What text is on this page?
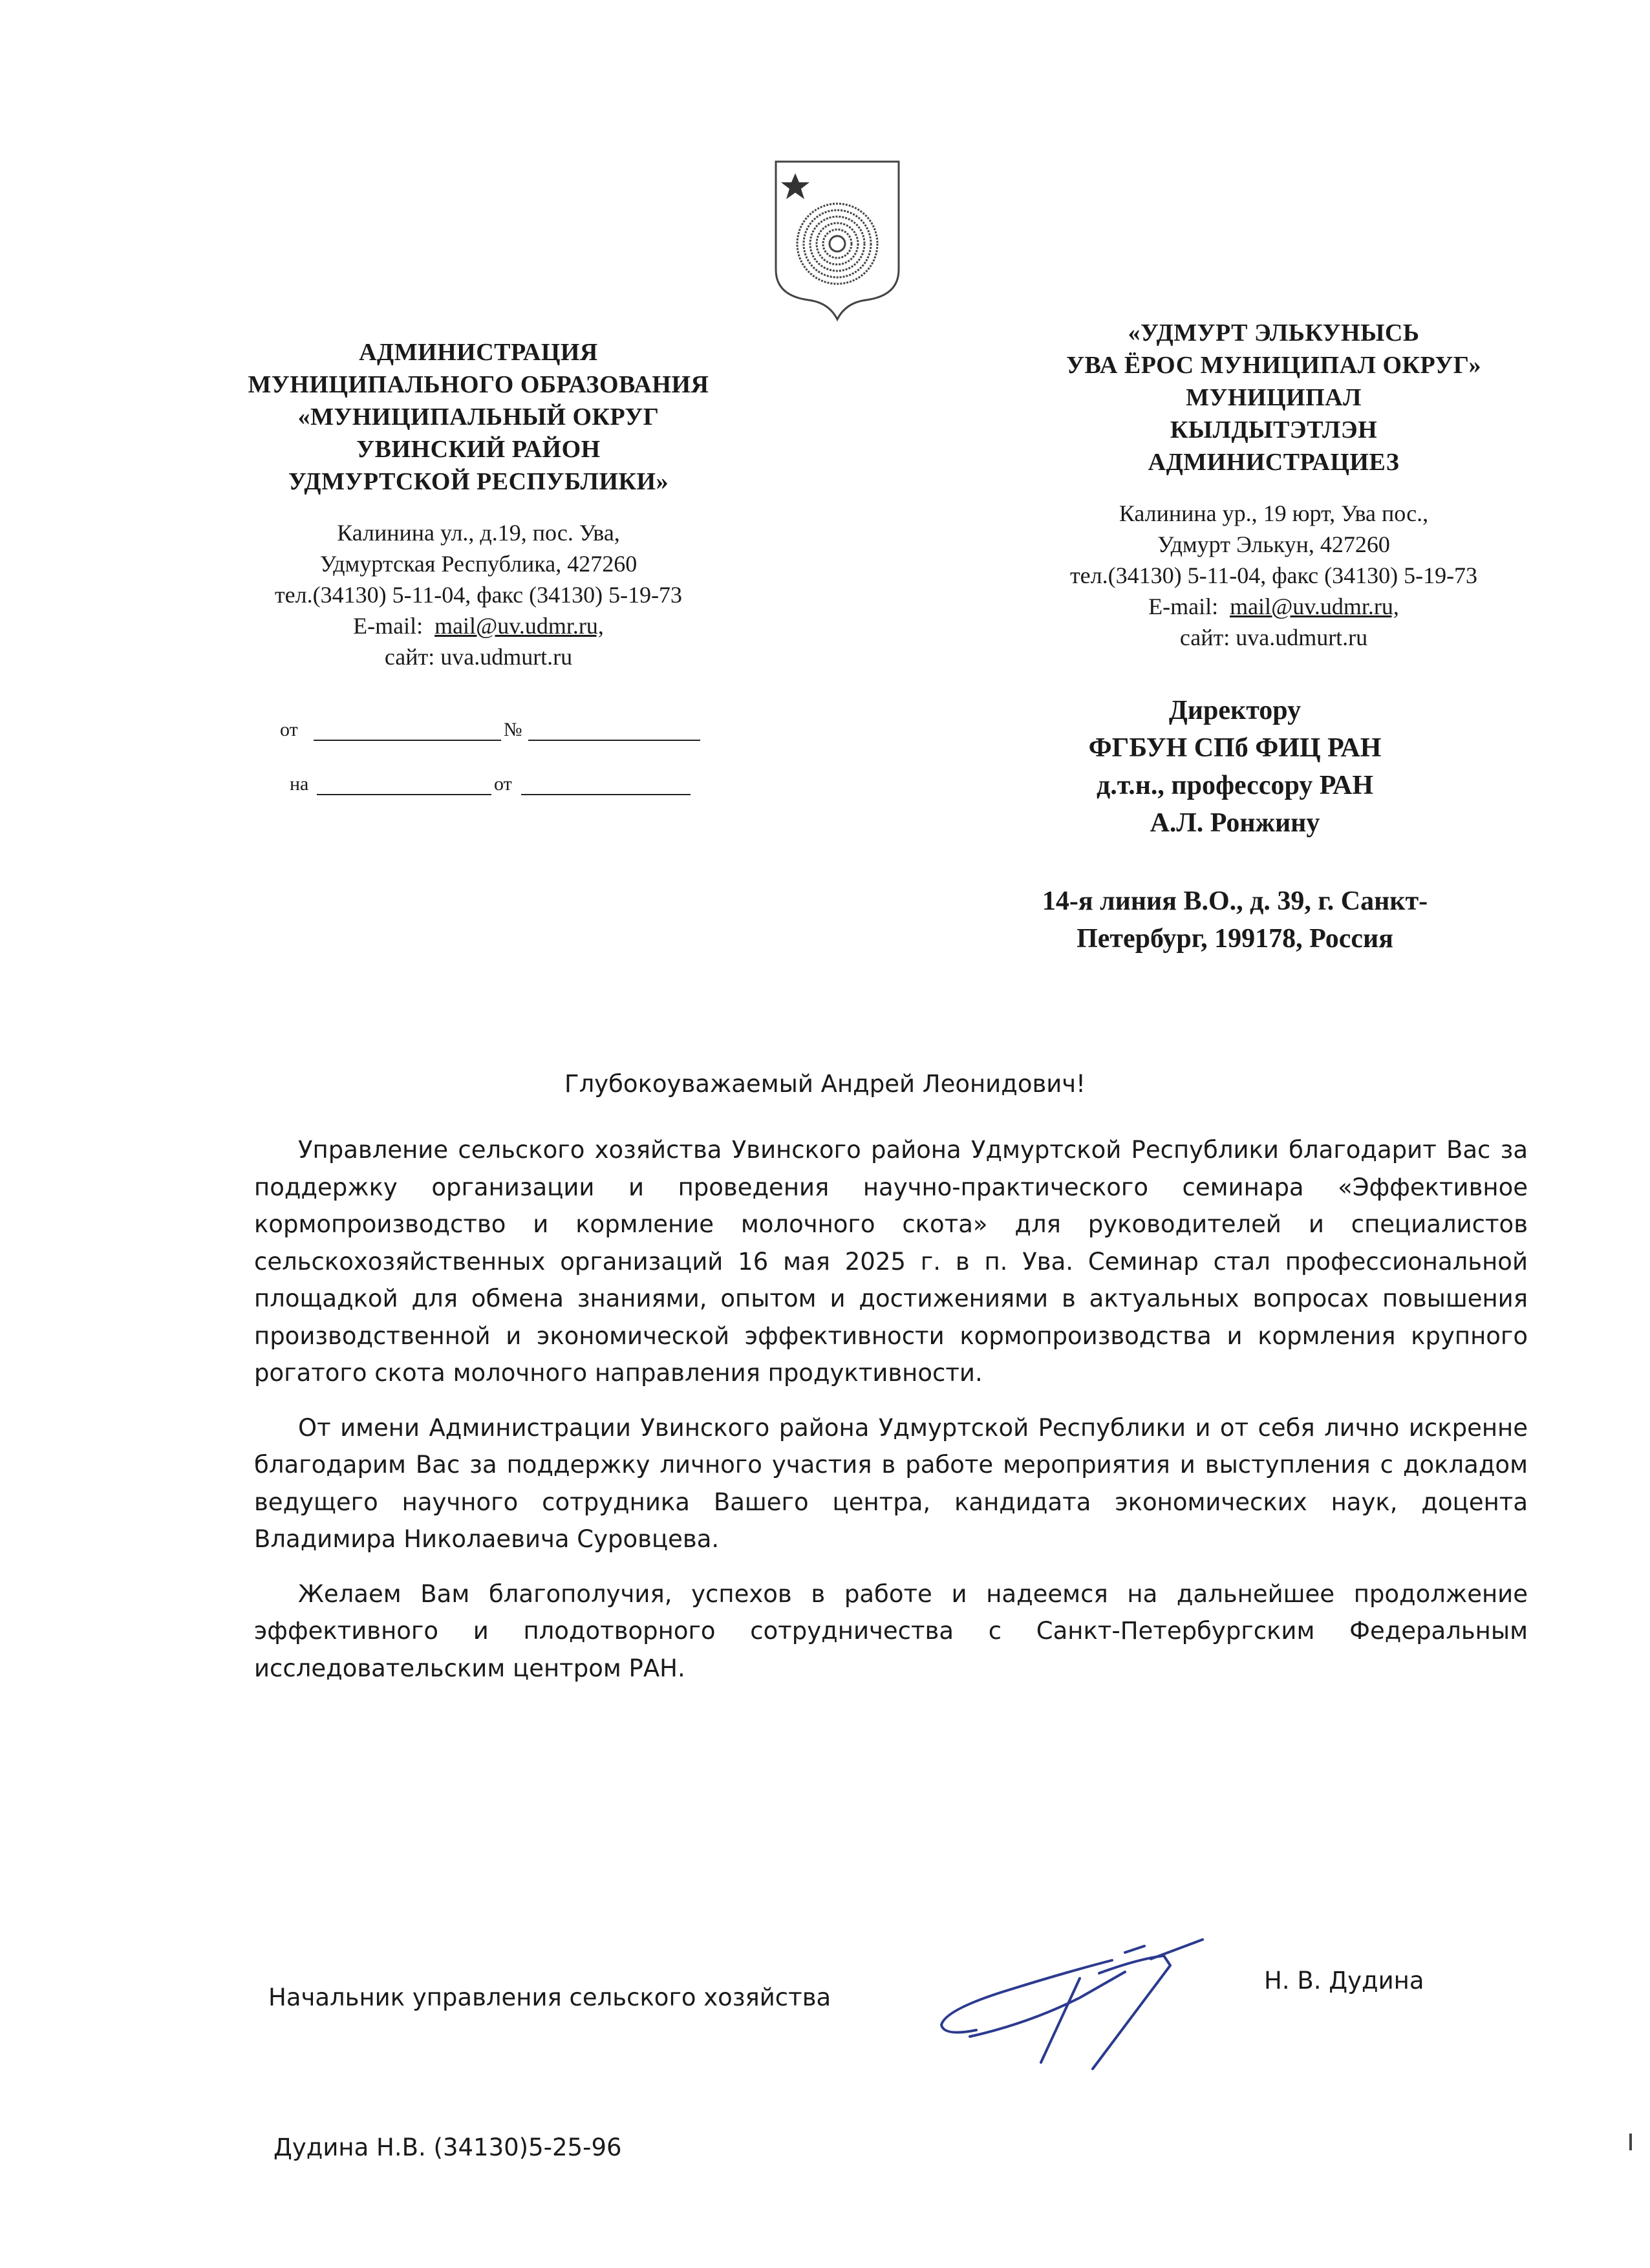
АДМИНИСТРАЦИЯ
МУНИЦИПАЛЬНОГО ОБРАЗОВАНИЯ
«МУНИЦИПАЛЬНЫЙ ОКРУГ
УВИНСКИЙ РАЙОН
УДМУРТСКОЙ РЕСПУБЛИКИ»
Калинина ул., д.19, пос. Ува,
Удмуртская Республика, 427260
тел.(34130) 5-11-04, факс (34130) 5-19-73
E-mail: mail@uv.udmr.ru,
сайт: uva.udmurt.ru
от	№
на	от
«УДМУРТ ЭЛЬКУНЫСЬ
УВА ЁРОС МУНИЦИПАЛ ОКРУГ»
МУНИЦИПАЛ
КЫЛДЫТЭТЛЭН
АДМИНИСТРАЦИЕЗ
Калинина ур., 19 юрт, Ува пос.,
Удмурт Элькун, 427260
тел.(34130) 5-11-04, факс (34130) 5-19-73
E-mail: mail@uv.udmr.ru,
сайт: uva.udmurt.ru
Директору
ФГБУН СПб ФИЦ РАН
д.т.н., профессору РАН
А.Л. Ронжину
14-я линия В.О., д. 39, г. Санкт-
Петербург, 199178, Россия
Глубокоуважаемый Андрей Леонидович!

Управление сельского хозяйства Увинского района Удмуртской Республики благодарит Вас за поддержку организации и проведения научно-практического семинара «Эффективное кормопроизводство и кормление молочного скота» для руководителей и специалистов сельскохозяйственных организаций 16 мая 2025 г. в п. Ува. Семинар стал профессиональной площадкой для обмена знаниями, опытом и достижениями в актуальных вопросах повышения производственной и экономической эффективности кормопроизводства и кормления крупного рогатого скота молочного направления продуктивности.

От имени Администрации Увинского района Удмуртской Республики и от себя лично искренне благодарим Вас за поддержку личного участия в работе мероприятия и выступления с докладом ведущего научного сотрудника Вашего центра, кандидата экономических наук, доцента Владимира Николаевича Суровцева.

Желаем Вам благополучия, успехов в работе и надеемся на дальнейшее продолжение эффективного и плодотворного сотрудничества с Санкт-Петербургским Федеральным исследовательским центром РАН.

Начальник управления сельского хозяйства
Н. В. Дудина
Дудина Н.В. (34130)5-25-96
